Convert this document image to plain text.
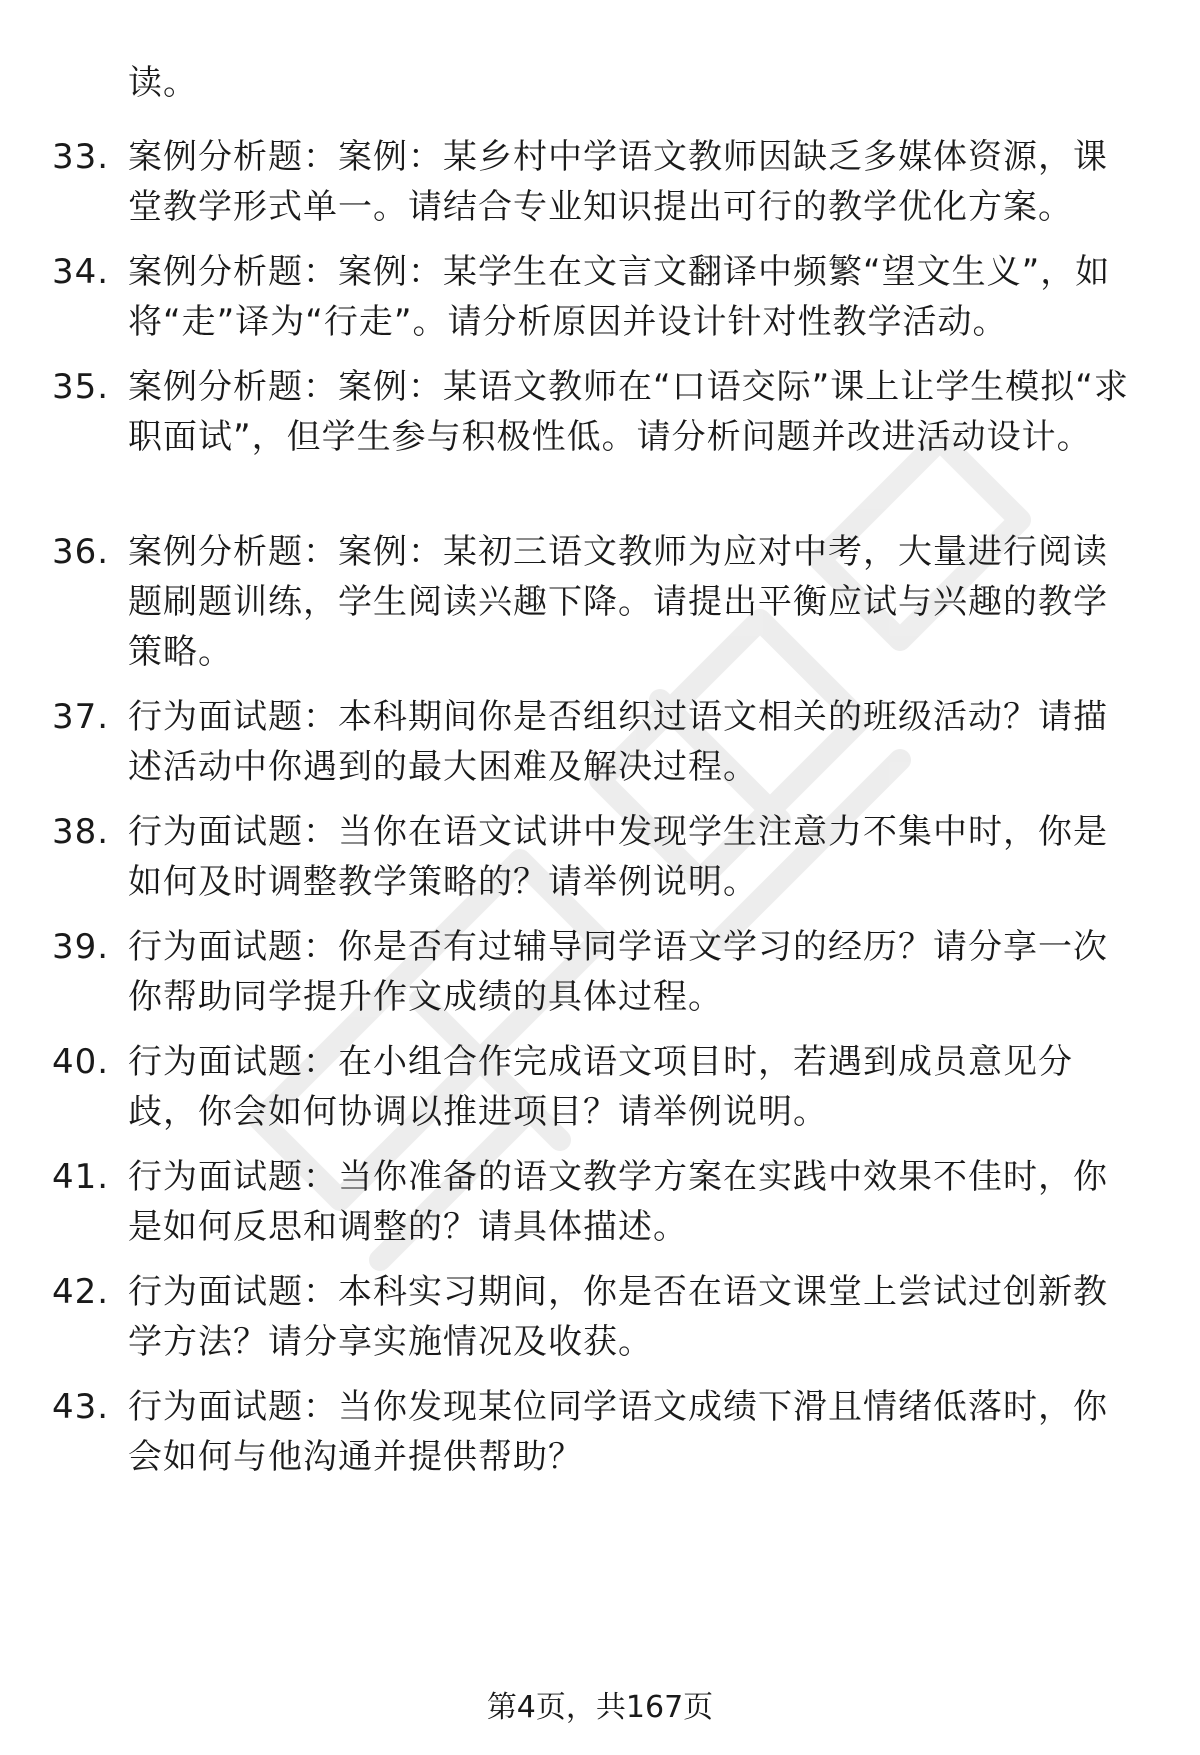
读。
33. 案例分析题：案例：某乡村中学语文教师因缺乏多媒体资源，课堂教学形式单一。请结合专业知识提出可行的教学优化方案。
34. 案例分析题：案例：某学生在文言文翻译中频繁“望文生义”，如将“走”译为“行走”。请分析原因并设计针对性教学活动。
35. 案例分析题：案例：某语文教师在“口语交际”课上让学生模拟“求职面试”，但学生参与积极性低。请分析问题并改进活动设计。
36. 案例分析题：案例：某初三语文教师为应对中考，大量进行阅读题刷题训练，学生阅读兴趣下降。请提出平衡应试与兴趣的教学策略。
37. 行为面试题：本科期间你是否组织过语文相关的班级活动？请描述活动中你遇到的最大困难及解决过程。
38. 行为面试题：当你在语文试讲中发现学生注意力不集中时，你是如何及时调整教学策略的？请举例说明。
39. 行为面试题：你是否有过辅导同学语文学习的经历？请分享一次你帮助同学提升作文成绩的具体过程。
40. 行为面试题：在小组合作完成语文项目时，若遇到成员意见分歧，你会如何协调以推进项目？请举例说明。
41. 行为面试题：当你准备的语文教学方案在实践中效果不佳时，你是如何反思和调整的？请具体描述。
42. 行为面试题：本科实习期间，你是否在语文课堂上尝试过创新教学方法？请分享实施情况及收获。
43. 行为面试题：当你发现某位同学语文成绩下滑且情绪低落时，你会如何与他沟通并提供帮助？
第4页，共167页
